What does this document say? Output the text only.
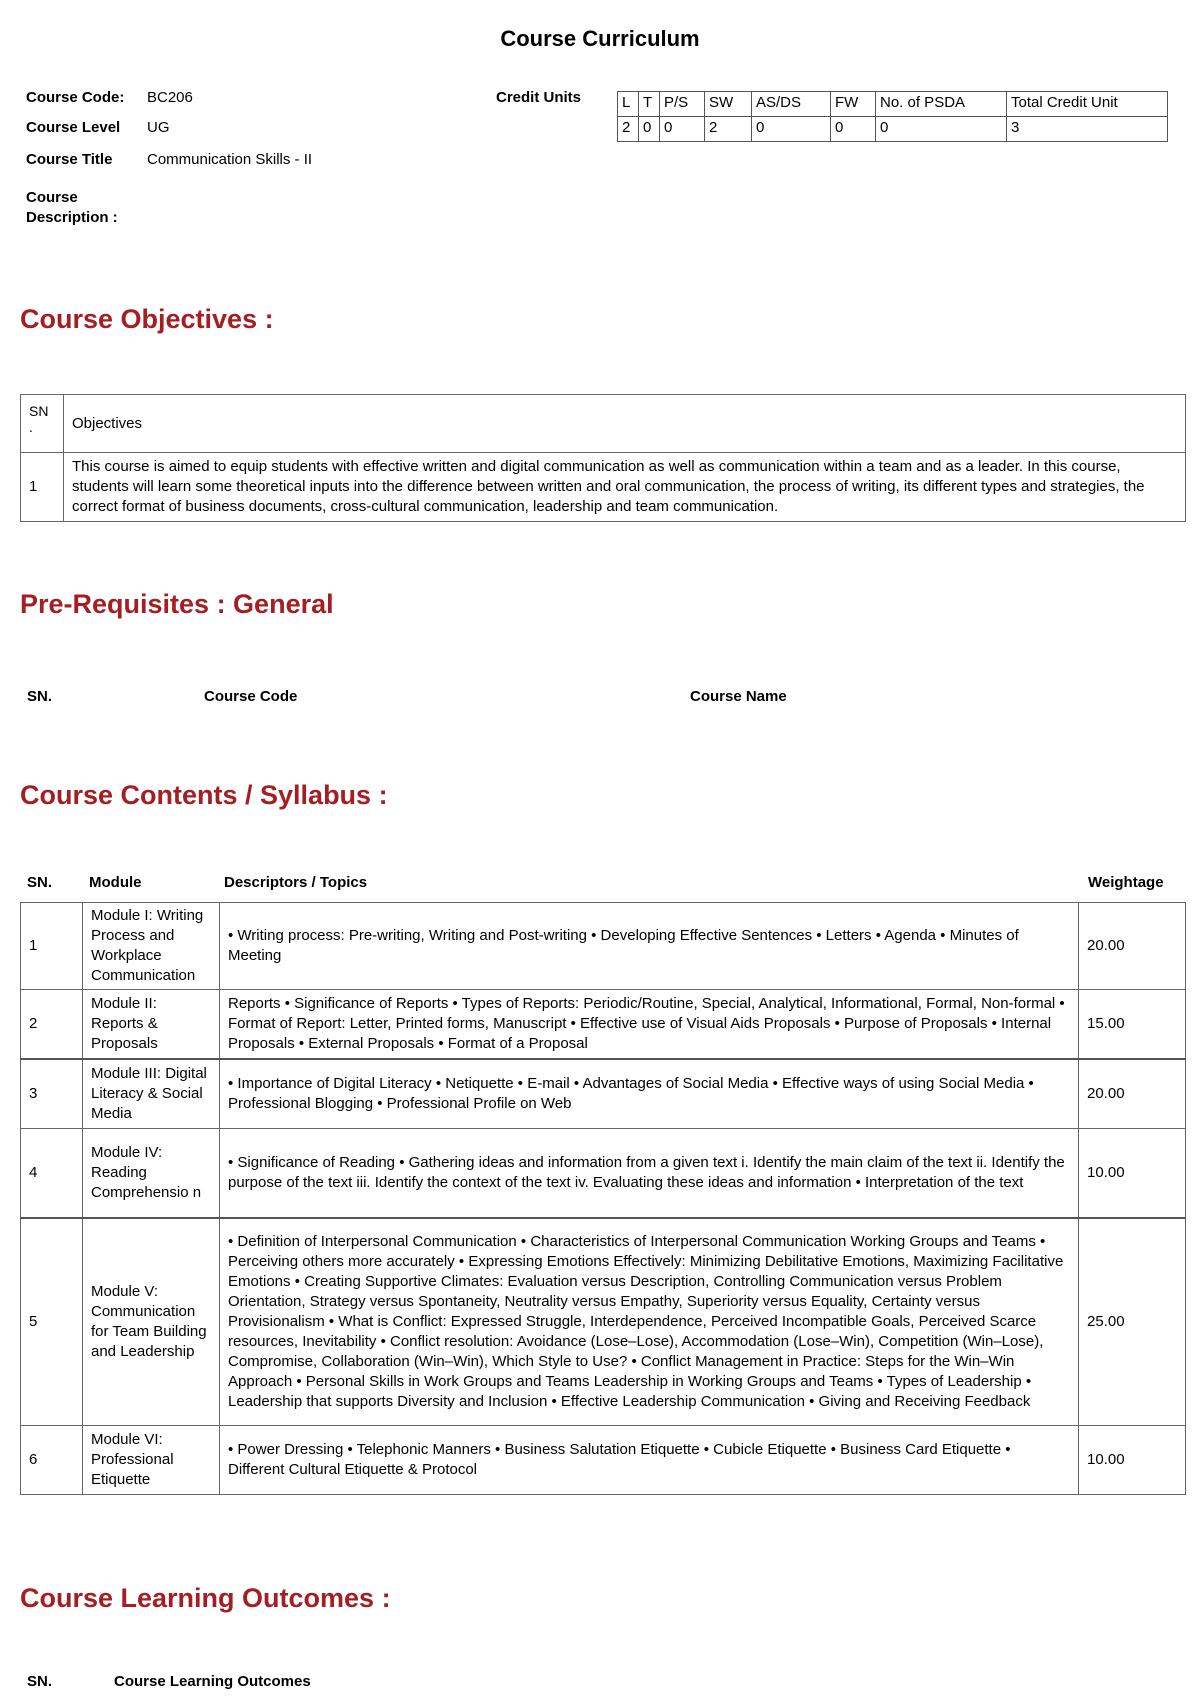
Course Curriculum
Course Code: BC206
Course Level UG
Course Title Communication Skills - II
Course
Description :
Credit Units	L	T	P/S	SW	AS/DS	FW	No. of PSDA	Total Credit Unit
2	0	0	2	0	0	0	3
Course Objectives :
SN .	Objectives
1	This course is aimed to equip students with effective written and digital communication as well as communication within a team and as a leader. In this course, students will learn some theoretical inputs into the difference between written and oral communication, the process of writing, its different types and strategies, the correct format of business documents, cross-cultural communication, leadership and team communication.
Pre-Requisites : General
SN.	Course Code	Course Name
Course Contents / Syllabus :
SN. Module	Descriptors / Topics	Weightage
1	Module I: Writing Process and Workplace Communication	• Writing process: Pre-writing, Writing and Post-writing • Developing Effective Sentences • Letters • Agenda • Minutes of Meeting	20.00
2	Module II: Reports & Proposals	Reports • Significance of Reports • Types of Reports: Periodic/Routine, Special, Analytical, Informational, Formal, Non-formal • Format of Report: Letter, Printed forms, Manuscript • Effective use of Visual Aids Proposals • Purpose of Proposals • Internal Proposals • External Proposals • Format of a Proposal	15.00
3	Module III: Digital Literacy & Social Media	• Importance of Digital Literacy • Netiquette • E-mail • Advantages of Social Media • Effective ways of using Social Media • Professional Blogging • Professional Profile on Web	20.00
4	Module IV: Reading Comprehensio n	• Significance of Reading • Gathering ideas and information from a given text i. Identify the main claim of the text ii. Identify the purpose of the text iii. Identify the context of the text iv. Evaluating these ideas and information • Interpretation of the text	10.00
5	Module V: Communication for Team Building and Leadership	• Definition of Interpersonal Communication • Characteristics of Interpersonal Communication Working Groups and Teams • Perceiving others more accurately • Expressing Emotions Effectively: Minimizing Debilitative Emotions, Maximizing Facilitative Emotions • Creating Supportive Climates: Evaluation versus Description, Controlling Communication versus Problem Orientation, Strategy versus Spontaneity, Neutrality versus Empathy, Superiority versus Equality, Certainty versus Provisionalism • What is Conflict: Expressed Struggle, Interdependence, Perceived Incompatible Goals, Perceived Scarce resources, Inevitability • Conflict resolution: Avoidance (Lose–Lose), Accommodation (Lose–Win), Competition (Win–Lose), Compromise, Collaboration (Win–Win), Which Style to Use? • Conflict Management in Practice: Steps for the Win–Win Approach • Personal Skills in Work Groups and Teams Leadership in Working Groups and Teams • Types of Leadership • Leadership that supports Diversity and Inclusion • Effective Leadership Communication • Giving and Receiving Feedback	25.00
6	Module VI: Professional Etiquette	• Power Dressing • Telephonic Manners • Business Salutation Etiquette • Cubicle Etiquette • Business Card Etiquette • Different Cultural Etiquette & Protocol	10.00
Course Learning Outcomes :
SN.	Course Learning Outcomes
